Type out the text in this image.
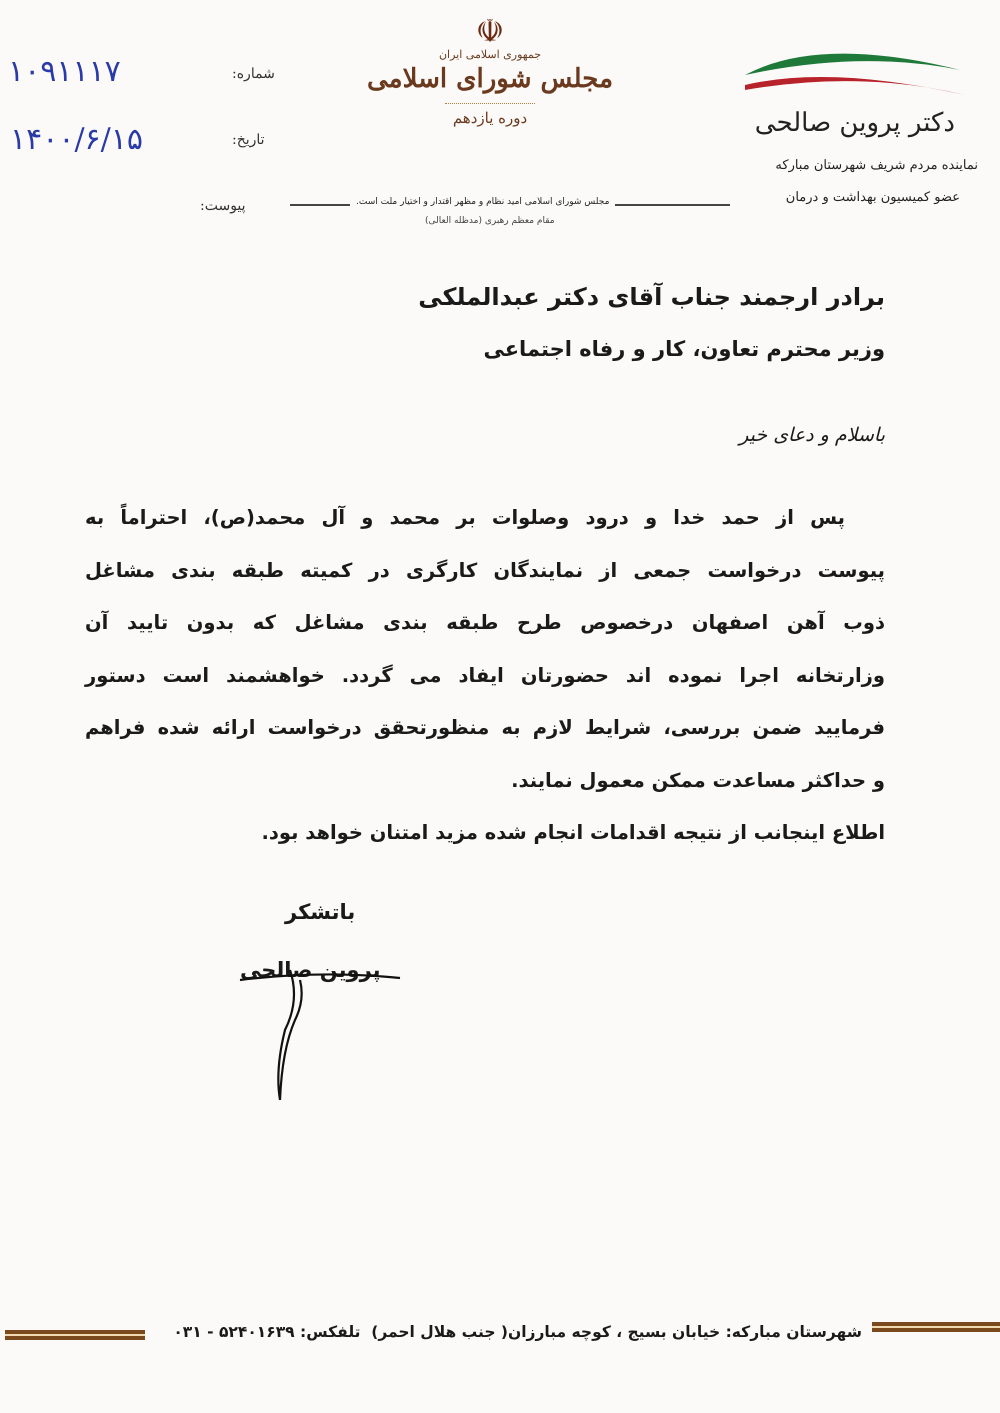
۱۰۹۱۱۱۷	شماره:
۱۴۰۰/۶/۱۵	تاریخ:
پیوست:
☫
جمهوری اسلامی ایران
مجلس شورای اسلامی
دوره یازدهم
مجلس شورای اسلامی امید نظام و مظهر اقتدار و اختیار ملت است.
مقام معظم رهبری (مدظله العالی)
دکتر پروین صالحی
نماینده مردم شریف شهرستان مبارکه
عضو کمیسیون بهداشت و درمان
برادر ارجمند جناب آقای دکتر عبدالملکی
وزیر محترم تعاون، کار و رفاه اجتماعی
باسلام و دعای خیر
پس از حمد خدا و درود وصلوات بر محمد و آل محمد(ص)، احتراماً به
پیوست درخواست جمعی از نمایندگان کارگری در کمیته طبقه بندی مشاغل
ذوب آهن اصفهان درخصوص طرح طبقه بندی مشاغل که بدون تایید آن
وزارتخانه اجرا نموده اند حضورتان ایفاد می گردد. خواهشمند است دستور
فرمایید ضمن بررسی، شرایط لازم به منظورتحقق درخواست ارائه شده فراهم
و حداکثر مساعدت ممکن معمول نمایند.
اطلاع اینجانب از نتیجه اقدامات انجام شده مزید امتنان خواهد بود.
باتشکر
پروین صالحی
شهرستان مبارکه: خیابان بسیج ، کوچه مبارزان( جنب هلال احمر)  تلفکس: ۵۲۴۰۱۶۳۹ - ۰۳۱
